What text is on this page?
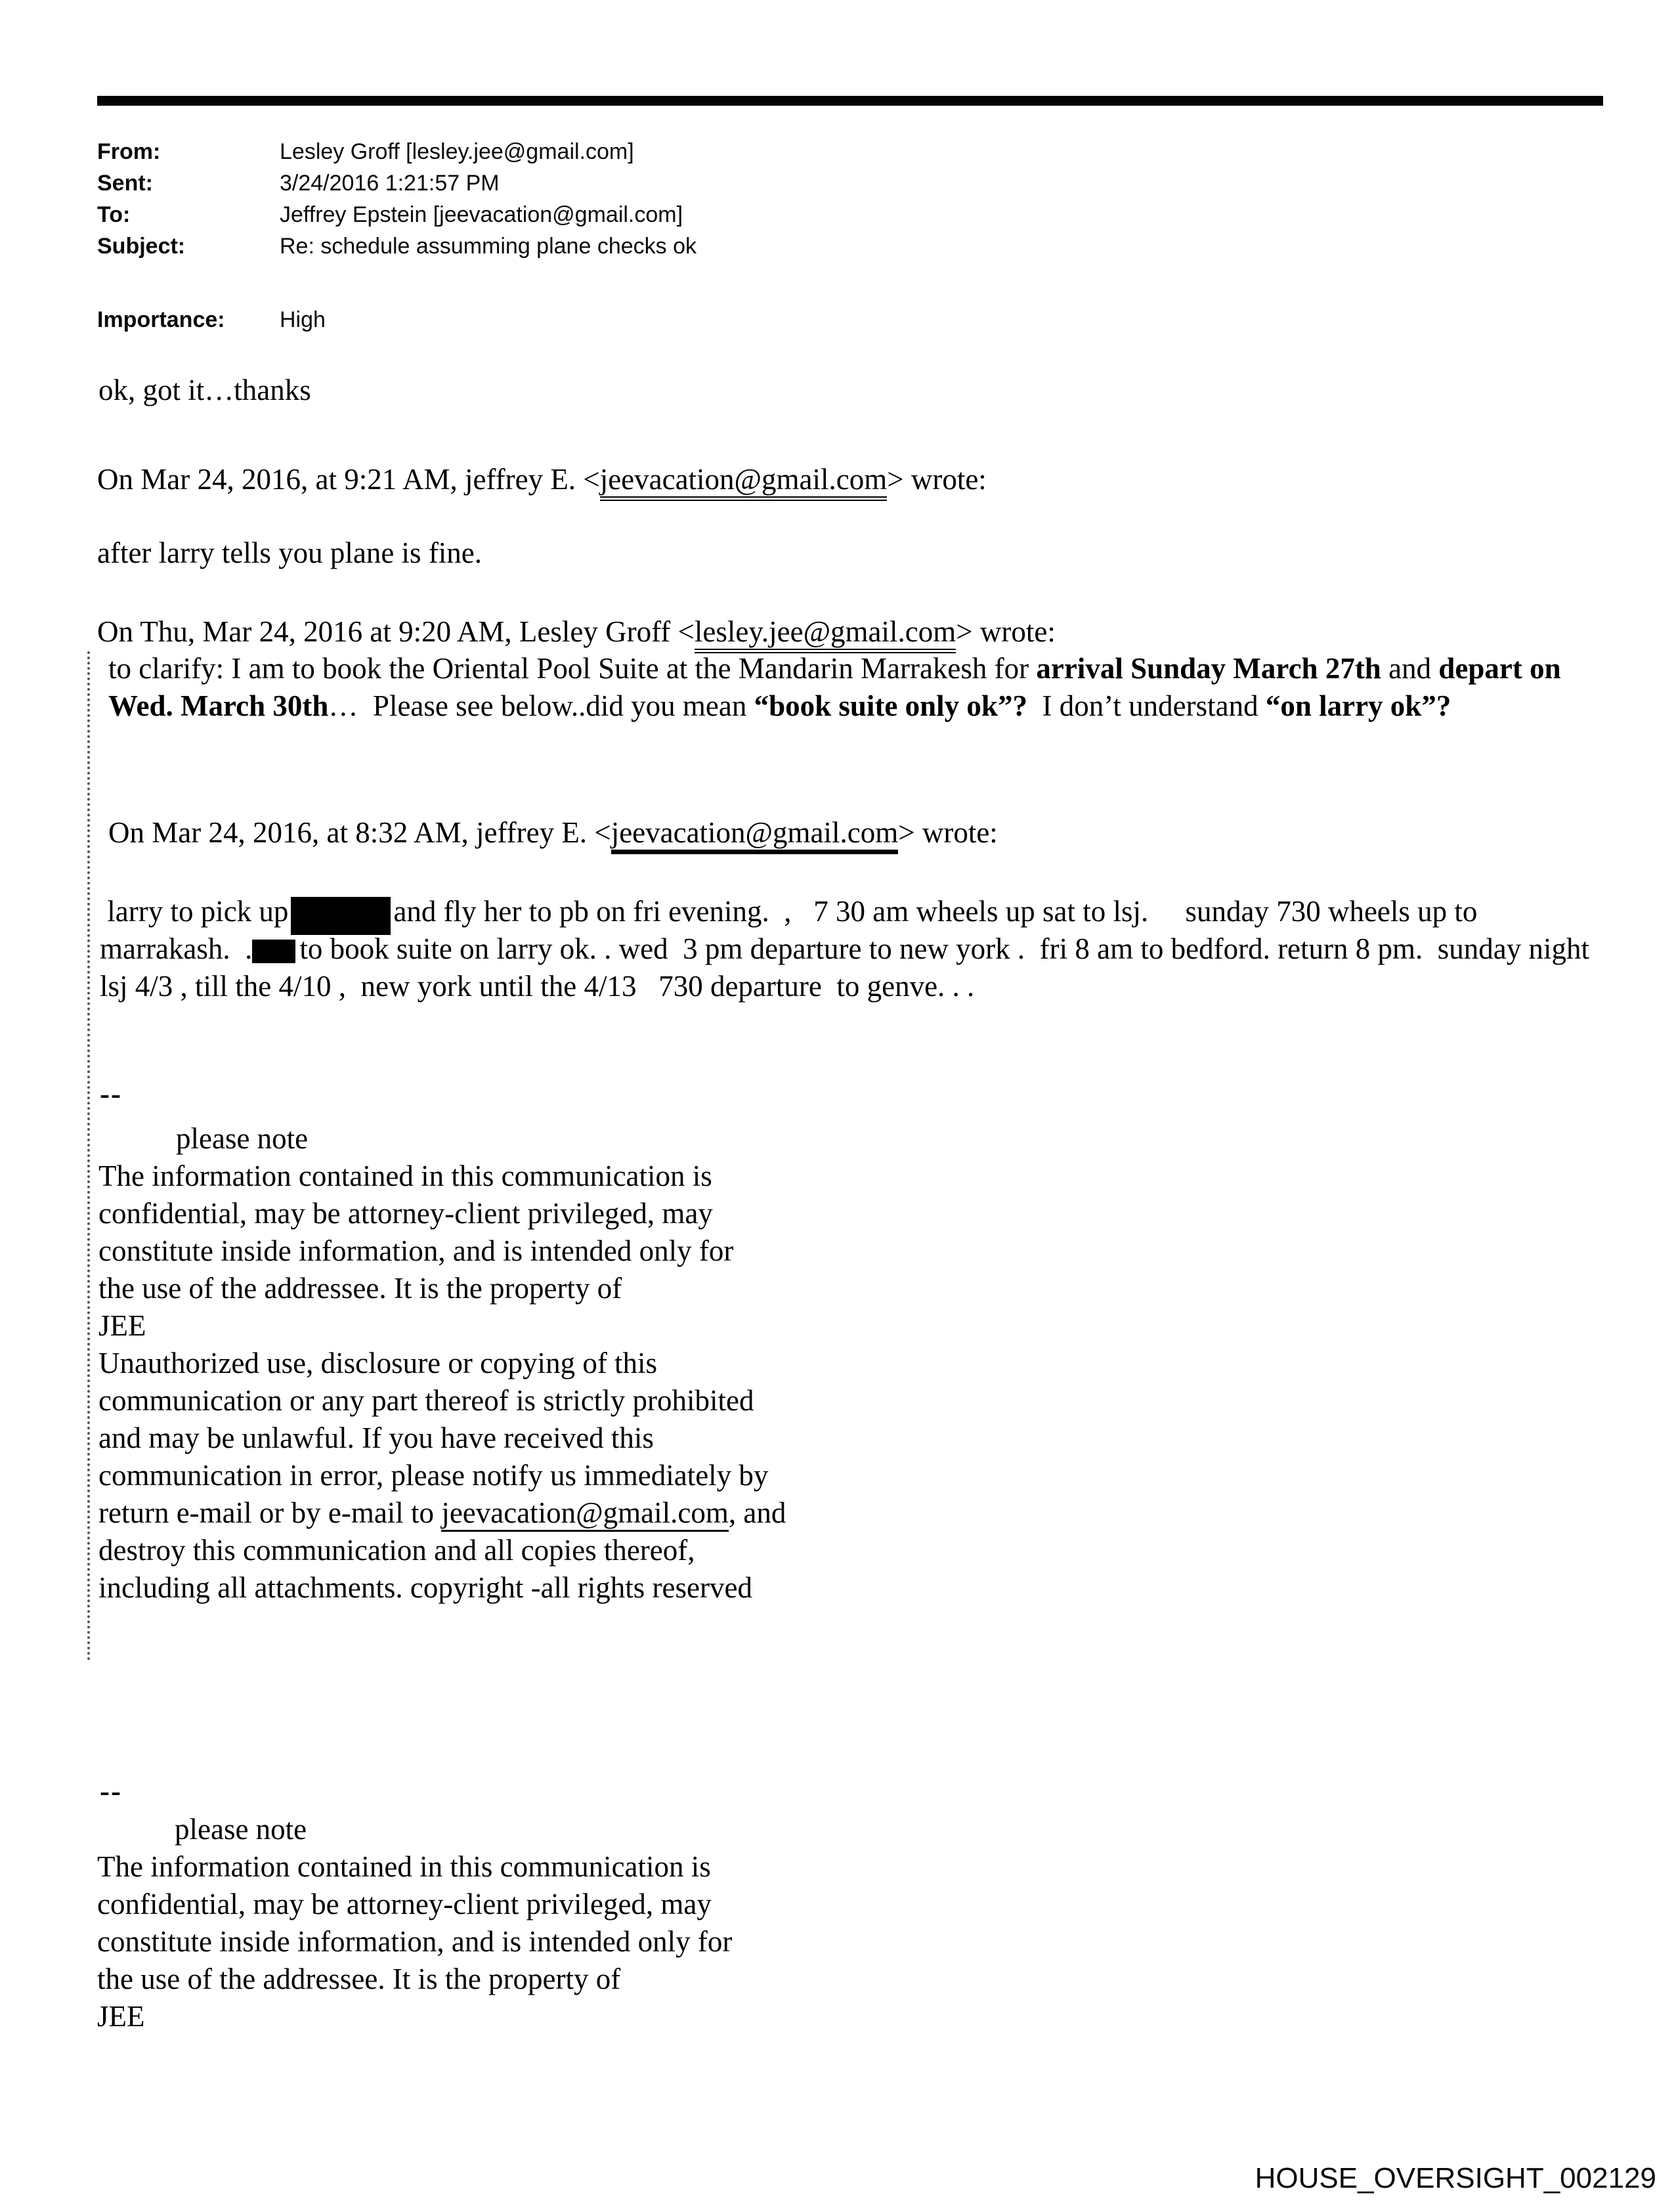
From:	Lesley Groff [lesley.jee@gmail.com]
Sent:	3/24/2016 1:21:57 PM
To:	Jeffrey Epstein [jeevacation@gmail.com]
Subject:	Re: schedule assumming plane checks ok
Importance:	High
ok, got it…thanks
On Mar 24, 2016, at 9:21 AM, jeffrey E. <jeevacation@gmail.com> wrote:
after larry tells you plane is fine.
On Thu, Mar 24, 2016 at 9:20 AM, Lesley Groff <lesley.jee@gmail.com> wrote:
to clarify: I am to book the Oriental Pool Suite at the Mandarin Marrakesh for arrival Sunday March 27th and depart on Wed. March 30th…  Please see below..did you mean “book suite only ok”?  I don’t understand “on larry ok”?
On Mar 24, 2016, at 8:32 AM, jeffrey E. <jeevacation@gmail.com> wrote:
larry to pick up	and fly her to pb on fri evening.  ,   7 30 am wheels up sat to lsj.     sunday 730 wheels up to marrakash.  . to book suite on larry ok. . wed  3 pm departure to new york .  fri 8 am to bedford. return 8 pm.  sunday night lsj 4/3 , till the 4/10 ,  new york until the 4/13   730 departure  to genve. . .
--
please note
The information contained in this communication is
confidential, may be attorney-client privileged, may
constitute inside information, and is intended only for
the use of the addressee. It is the property of
JEE
Unauthorized use, disclosure or copying of this
communication or any part thereof is strictly prohibited
and may be unlawful. If you have received this
communication in error, please notify us immediately by
return e-mail or by e-mail to jeevacation@gmail.com, and
destroy this communication and all copies thereof,
including all attachments. copyright -all rights reserved
--
please note
The information contained in this communication is
confidential, may be attorney-client privileged, may
constitute inside information, and is intended only for
the use of the addressee. It is the property of
JEE
HOUSE_OVERSIGHT_002129
